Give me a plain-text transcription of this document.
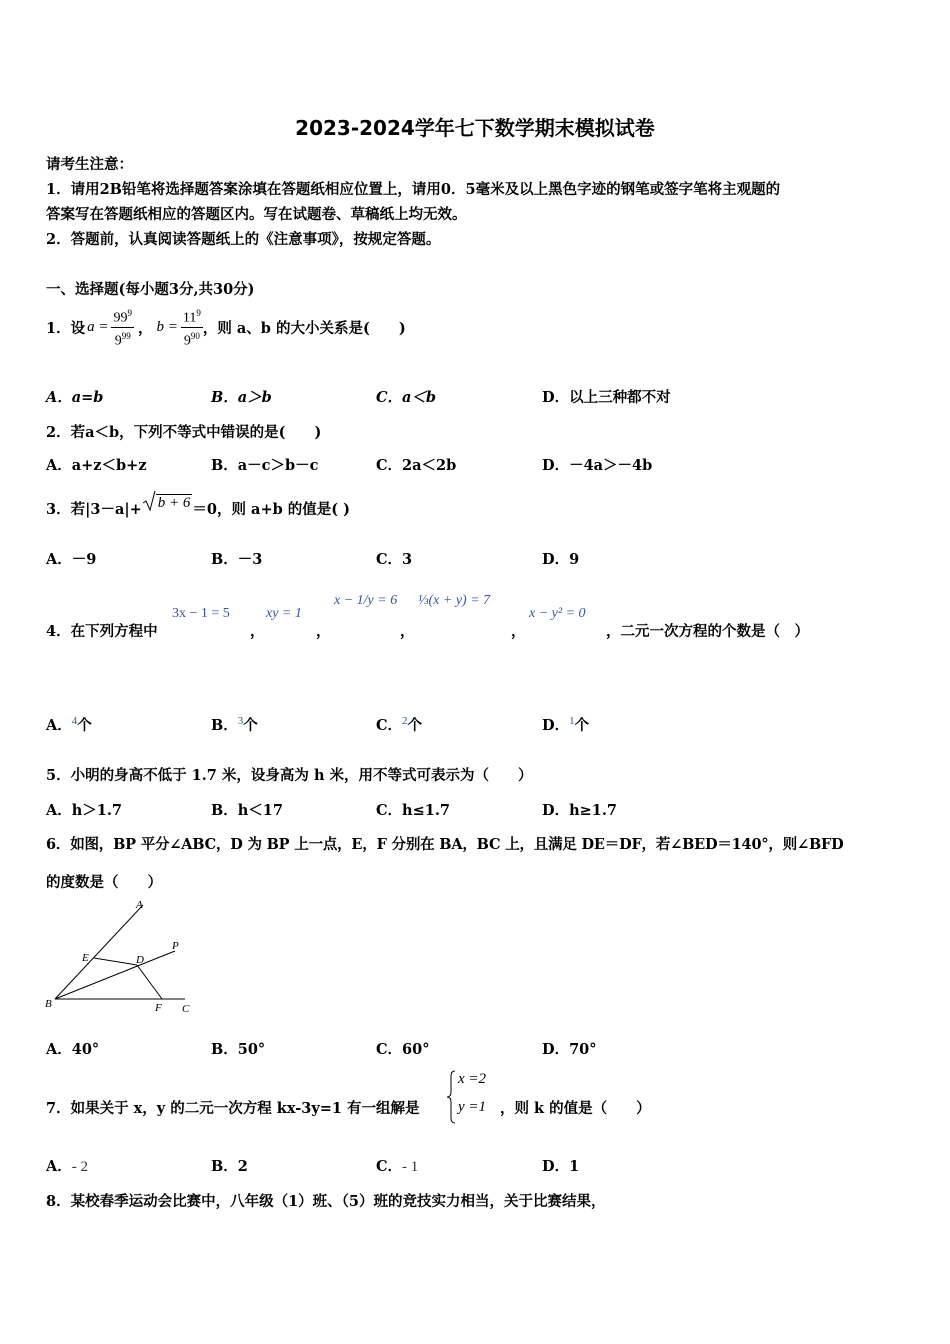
2023-2024学年七下数学期末模拟试卷
请考生注意：
1．请用2B铅笔将选择题答案涂填在答题纸相应位置上，请用0．5毫米及以上黑色字迹的钢笔或签字笔将主观题的
答案写在答题纸相应的答题区内。写在试题卷、草稿纸上均无效。
2．答题前，认真阅读答题纸上的《注意事项》，按规定答题。
一、选择题(每小题3分,共30分)
1．设 $a = \frac{99^9}{9^{99}}$ ， $b = \frac{11^9}{9^{90}}$ ，则 a、b 的大小关系是(　　)
A．a=b	B．a＞b	C．a＜b	D．以上三种都不对
2．若a＜b，下列不等式中错误的是(　　)
A．a+z＜b+z	B．a－c＞b－c	C．2a＜2b	D．－4a＞－4b
3．若|3－a|+	b + 6 ＝0，则 a+b 的值是( )
A．－9	B．－3	C．3	D．9
4．在下列方程中
3x − 1 = 5
，
xy = 1
，
x − 1/y = 6
，
⅓(x + y) = 7
，
x − y² = 0
，二元一次方程的个数是（　）
A．$^4$个	B．$^3$个	C．$^2$个	D．$^1$个
5．小明的身高不低于 1.7 米，设身高为 h 米，用不等式可表示为（　　）
A．h＞1.7	B．h＜17	C．h≤1.7	D．h≥1.7
6．如图，BP 平分∠ABC，D 为 BP 上一点，E，F 分别在 BA，BC 上，且满足 DE＝DF，若∠BED＝140°，则∠BFD
的度数是（　　）
A
P
E	D
B	F C
A．40°	B．50°	C．60°	D．70°
7．如果关于 x，y 的二元一次方程 kx-3y=1 有一组解是
x =2
y =1 ，则 k 的值是（　　）
A．- 2	B．2	C．- 1	D．1
8．某校春季运动会比赛中，八年级（1）班、（5）班的竞技实力相当，关于比赛结果，
